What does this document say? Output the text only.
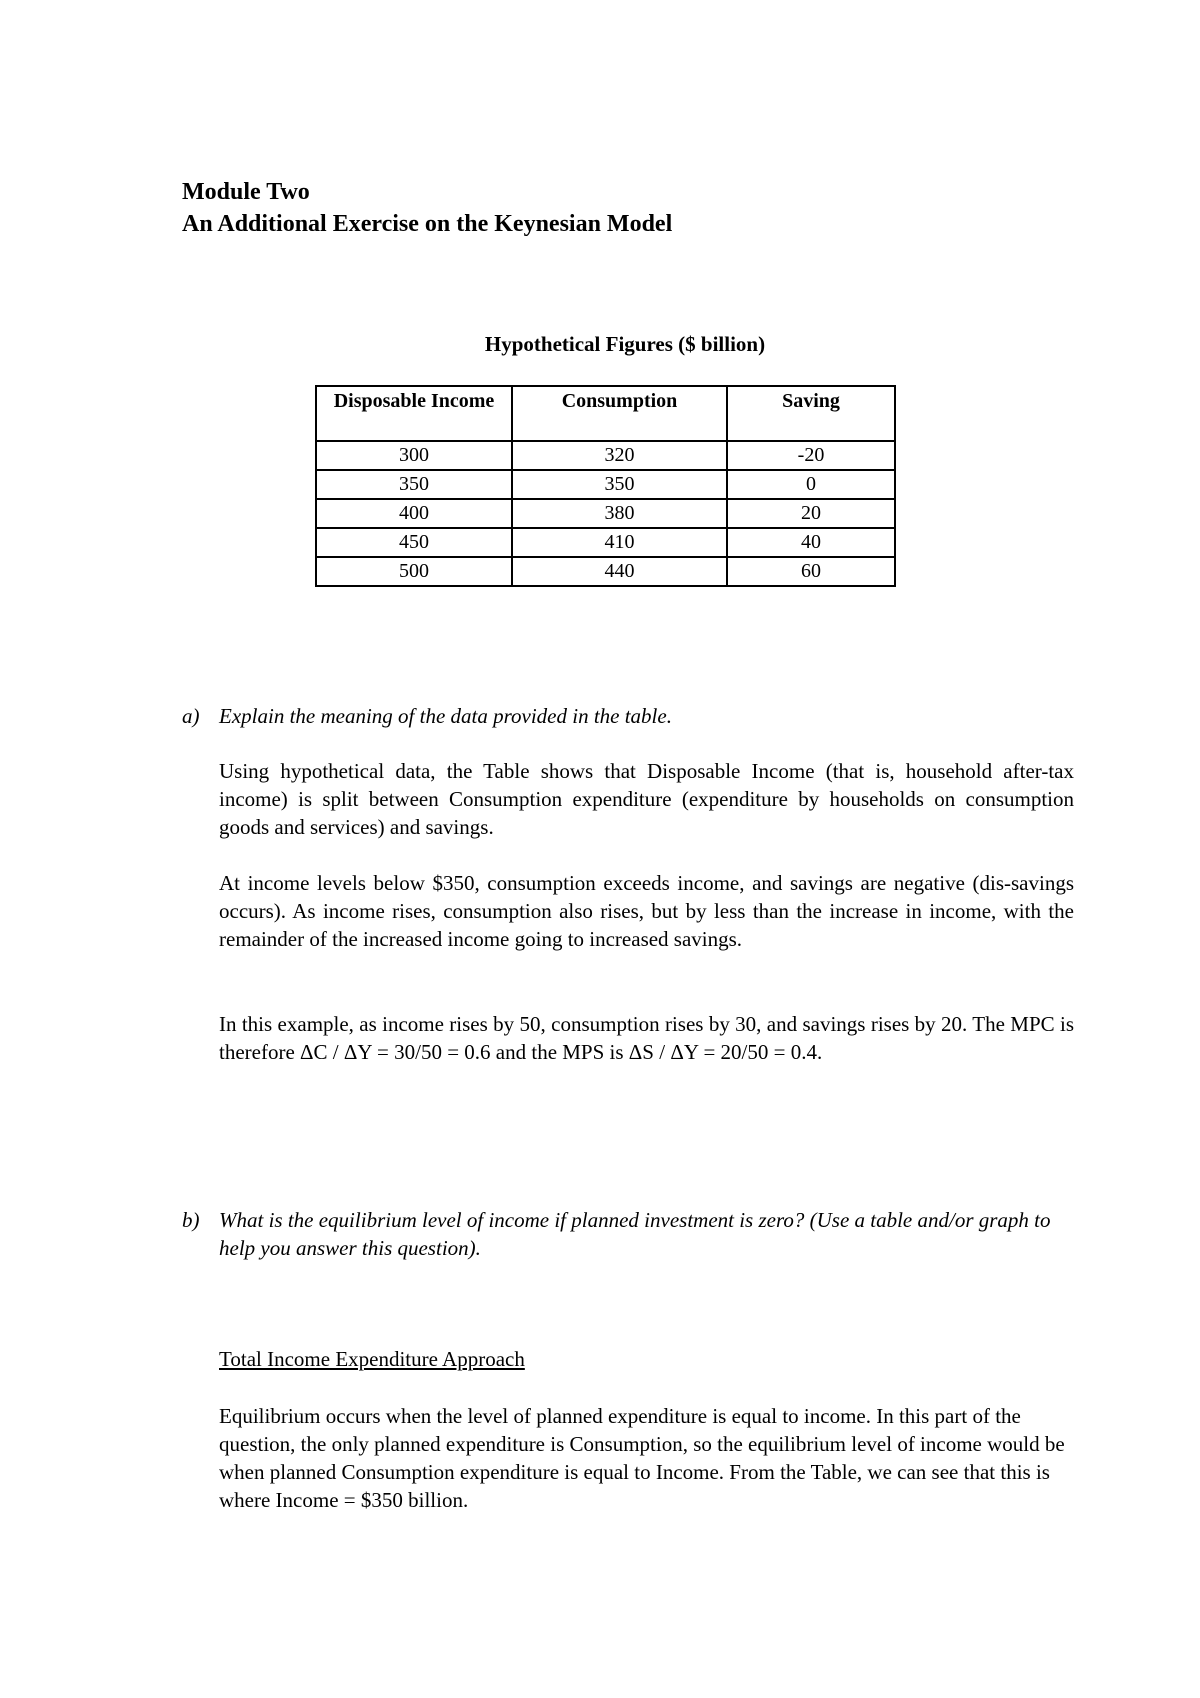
Module Two
An Additional Exercise on the Keynesian Model
Hypothetical Figures ($ billion)
Disposable Income	Consumption	Saving
300	320	-20
350	350	0
400	380	20
450	410	40
500	440	60
a) Explain the meaning of the data provided in the table.
Using hypothetical data, the Table shows that Disposable Income (that is, household after-tax income) is split between Consumption expenditure (expenditure by households on consumption goods and services) and savings.
At income levels below $350, consumption exceeds income, and savings are negative (dis-savings occurs). As income rises, consumption also rises, but by less than the increase in income, with the remainder of the increased income going to increased savings.
In this example, as income rises by 50, consumption rises by 30, and savings rises by 20. The MPC is therefore ΔC / ΔY = 30/50 = 0.6 and the MPS is ΔS / ΔY = 20/50 = 0.4.
b) What is the equilibrium level of income if planned investment is zero? (Use a table and/or graph to help you answer this question).
Total Income Expenditure Approach
Equilibrium occurs when the level of planned expenditure is equal to income. In this part of the question, the only planned expenditure is Consumption, so the equilibrium level of income would be when planned Consumption expenditure is equal to Income. From the Table, we can see that this is where Income = $350 billion.
